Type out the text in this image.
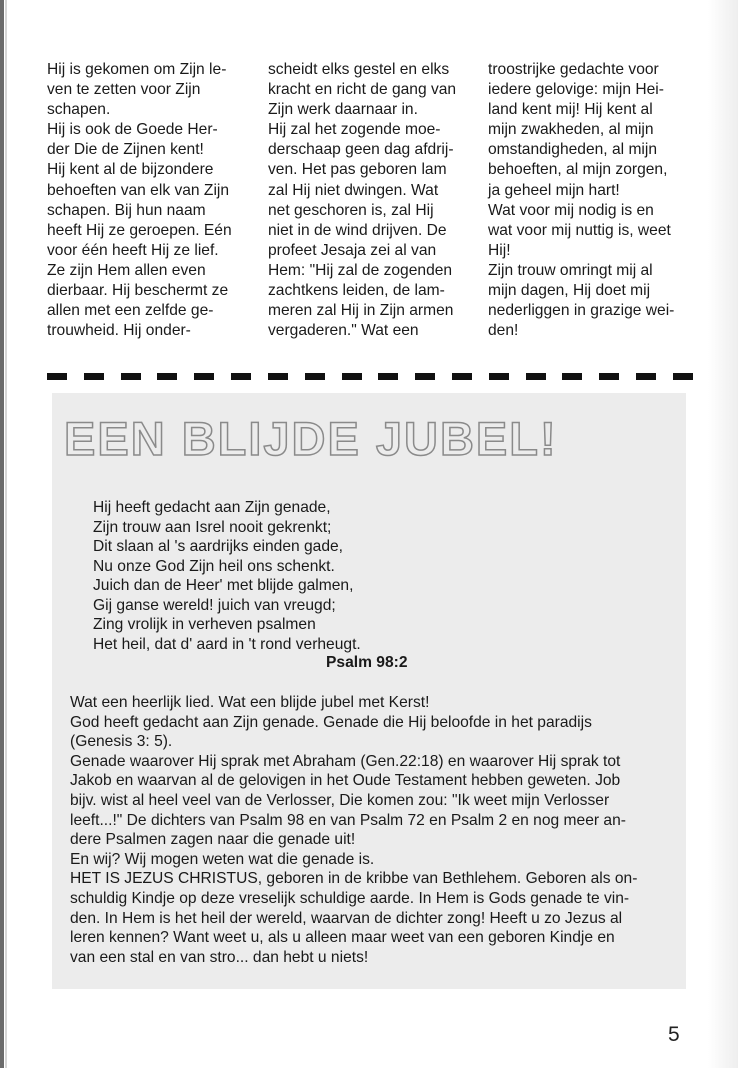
Hij is gekomen om Zijn le-
ven te zetten voor Zijn
schapen.
Hij is ook de Goede Her-
der Die de Zijnen kent!
Hij kent al de bijzondere
behoeften van elk van Zijn
schapen. Bij hun naam
heeft Hij ze geroepen. Eén
voor één heeft Hij ze lief.
Ze zijn Hem allen even
dierbaar. Hij beschermt ze
allen met een zelfde ge-
trouwheid. Hij onder-
scheidt elks gestel en elks
kracht en richt de gang van
Zijn werk daarnaar in.
Hij zal het zogende moe-
derschaap geen dag afdrij-
ven. Het pas geboren lam
zal Hij niet dwingen. Wat
net geschoren is, zal Hij
niet in de wind drijven. De
profeet Jesaja zei al van
Hem: "Hij zal de zogenden
zachtkens leiden, de lam-
meren zal Hij in Zijn armen
vergaderen." Wat een
troostrijke gedachte voor
iedere gelovige: mijn Hei-
land kent mij! Hij kent al
mijn zwakheden, al mijn
omstandigheden, al mijn
behoeften, al mijn zorgen,
ja geheel mijn hart!
Wat voor mij nodig is en
wat voor mij nuttig is, weet
Hij!
Zijn trouw omringt mij al
mijn dagen, Hij doet mij
nederliggen in grazige wei-
den!
EEN BLIJDE JUBEL!
Hij heeft gedacht aan Zijn genade,
Zijn trouw aan Isrel nooit gekrenkt;
Dit slaan al 's aardrijks einden gade,
Nu onze God Zijn heil ons schenkt.
Juich dan de Heer' met blijde galmen,
Gij ganse wereld! juich van vreugd;
Zing vrolijk in verheven psalmen
Het heil, dat d' aard in 't rond verheugt.
Psalm 98:2
Wat een heerlijk lied. Wat een blijde jubel met Kerst!
God heeft gedacht aan Zijn genade. Genade die Hij beloofde in het paradijs
(Genesis 3: 5).
Genade waarover Hij sprak met Abraham (Gen.22:18) en waarover Hij sprak tot
Jakob en waarvan al de gelovigen in het Oude Testament hebben geweten. Job
bijv. wist al heel veel van de Verlosser, Die komen zou: "Ik weet mijn Verlosser
leeft...!" De dichters van Psalm 98 en van Psalm 72 en Psalm 2 en nog meer an-
dere Psalmen zagen naar die genade uit!
En wij? Wij mogen weten wat die genade is.
HET IS JEZUS CHRISTUS, geboren in de kribbe van Bethlehem. Geboren als on-
schuldig Kindje op deze vreselijk schuldige aarde. In Hem is Gods genade te vin-
den. In Hem is het heil der wereld, waarvan de dichter zong! Heeft u zo Jezus al
leren kennen? Want weet u, als u alleen maar weet van een geboren Kindje en
van een stal en van stro... dan hebt u niets!
5
